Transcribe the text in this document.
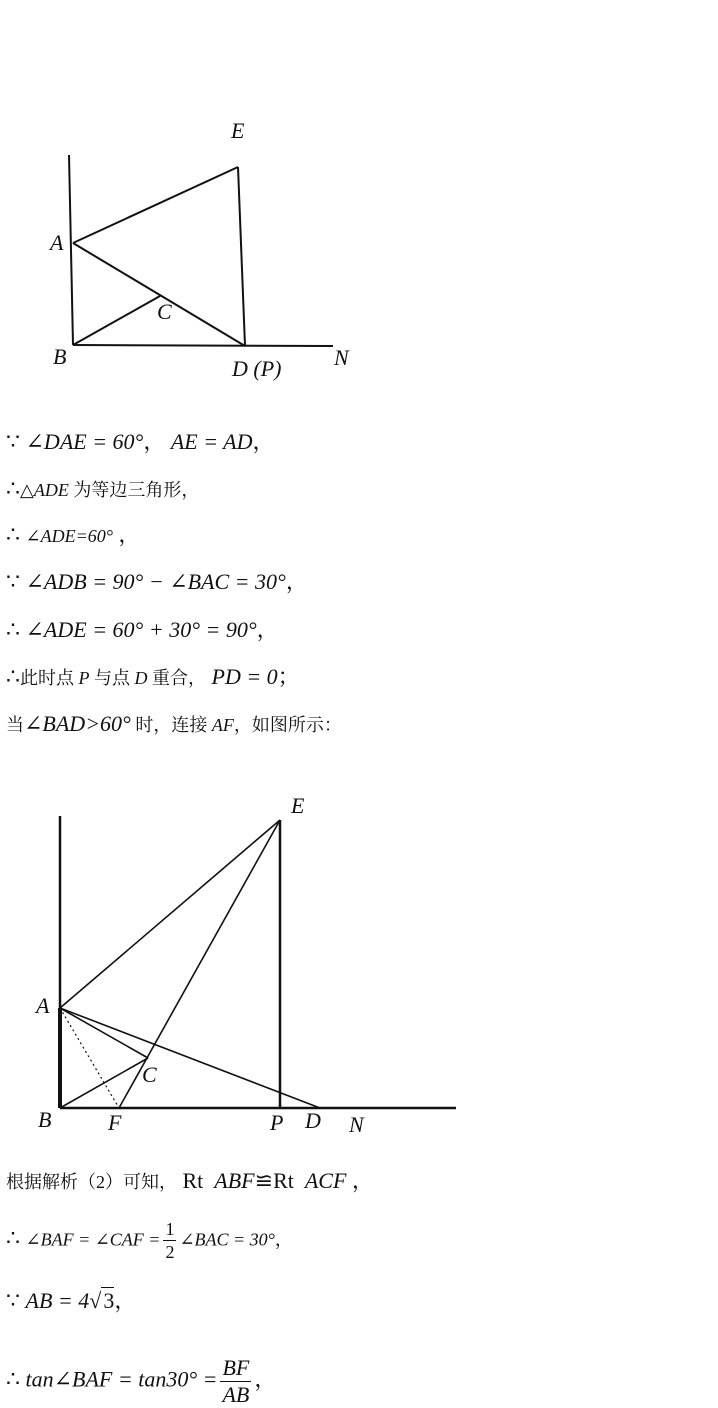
E
A
C
B	D (P) N
∵ ∠DAE = 60°， AE = AD，
∴△ADE 为等边三角形，
∴ ∠ADE=60° ，
∵ ∠ADB = 90° − ∠BAC = 30°，
∴ ∠ADE = 60° + 30° = 90°，
∴此时点 P 与点 D 重合， PD = 0；
当∠BAD>60° 时，连接 AF，如图所示：
E
A
C
B	F	P D N
根据解析（2）可知， Rt ABF≌Rt ACF ，
∴ ∠BAF = ∠CAF = $\frac{1}{2}$ ∠BAC = 30°，
∵ AB = 4√3，
∴ tan∠BAF = $\tan 30^\circ = \frac{BF}{AB}$ ，
